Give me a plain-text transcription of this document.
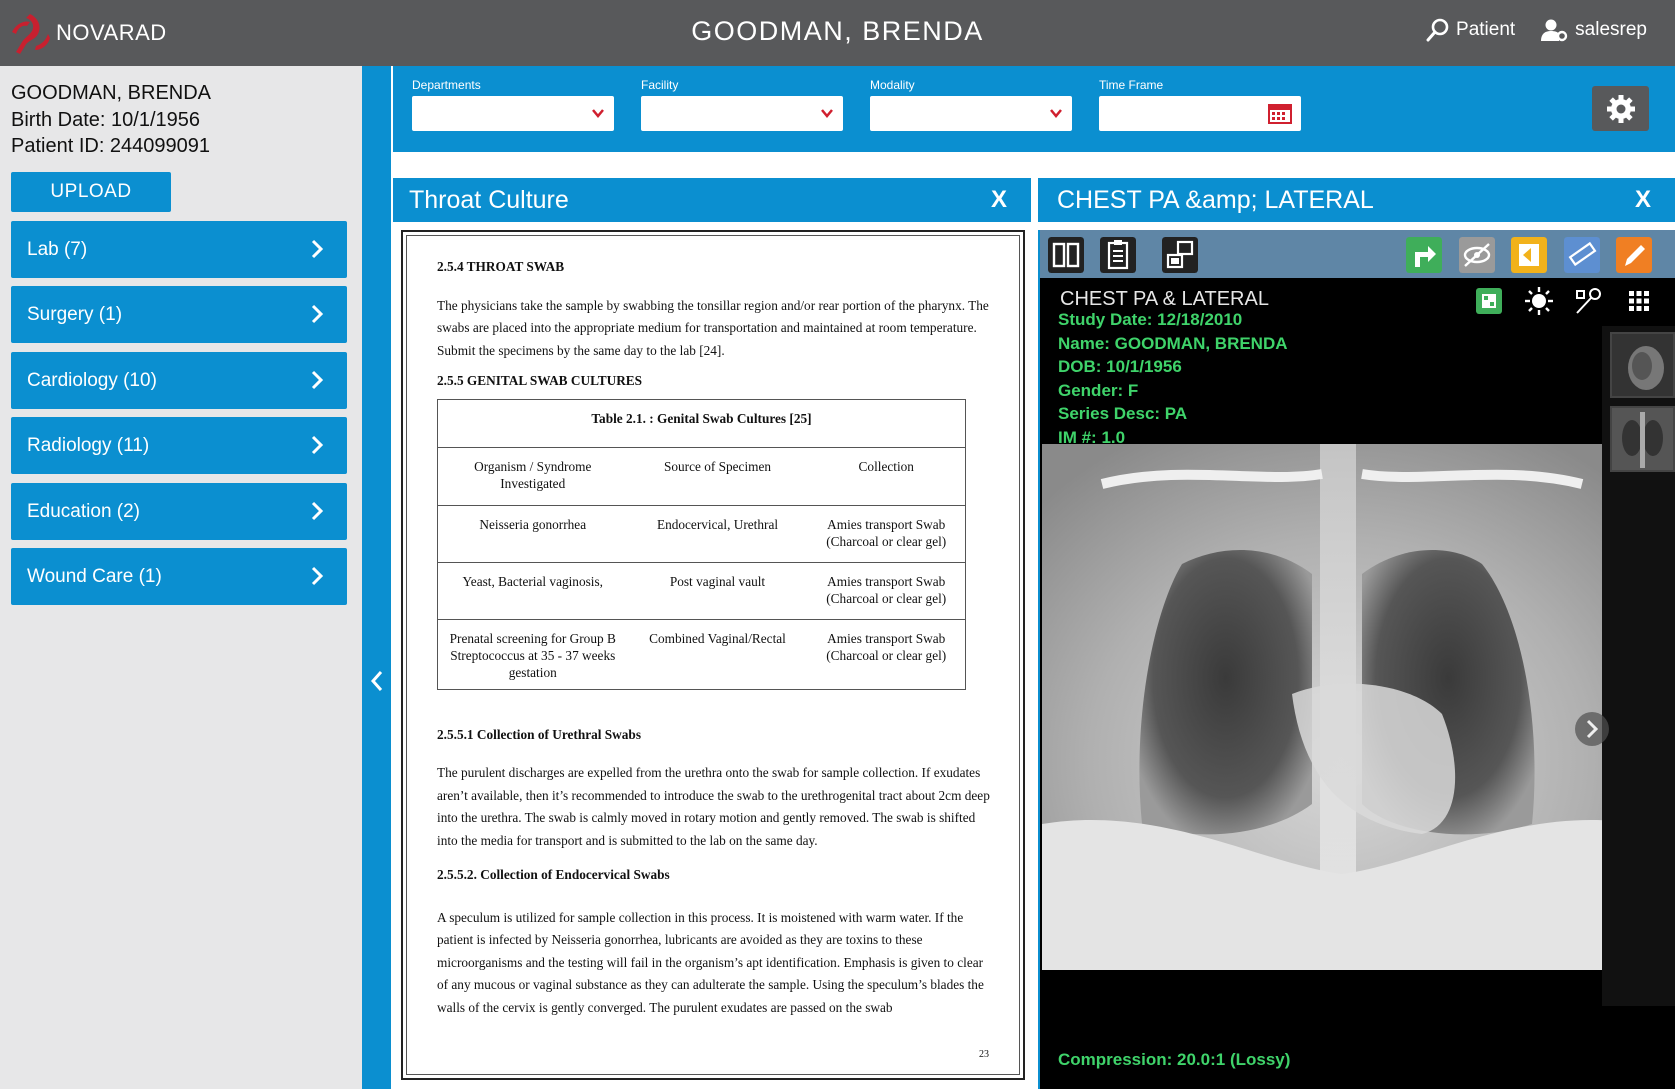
NOVARAD	GOODMAN, BRENDA	Patient	salesrep
GOODMAN, BRENDA
Birth Date: 10/1/1956
Patient ID: 244099091
UPLOAD
Lab (7)
Surgery (1)
Cardiology (10)
Radiology (11)
Education (2)
Wound Care (1)
Departments	Facility	Modality	Time Frame
Throat Culture	X
2.5.4 THROAT SWAB

The physicians take the sample by swabbing the tonsillar region and/or rear portion of the pharynx. The swabs are placed into the appropriate medium for transportation and maintained at room temperature. Submit the specimens by the same day to the lab [24].

2.5.5 GENITAL SWAB CULTURES
Table 2.1. : Genital Swab Cultures [25]		
Organism / Syndrome Investigated	Source of Specimen	Collection
Neisseria gonorrhea	Endocervical, Urethral	Amies transport Swab (Charcoal or clear gel)
Yeast, Bacterial vaginosis,	Post vaginal vault	Amies transport Swab (Charcoal or clear gel)
Prenatal screening for Group B Streptococcus at 35 - 37 weeks gestation	Combined Vaginal/Rectal	Amies transport Swab (Charcoal or clear gel)
2.5.5.1 Collection of Urethral Swabs

The purulent discharges are expelled from the urethra onto the swab for sample collection. If exudates aren’t available, then it’s recommended to introduce the swab to the urethrogenital tract about 2cm deep into the urethra. The swab is calmly moved in rotary motion and gently removed. The swab is shifted into the media for transport and is submitted to the lab on the same day.

2.5.5.2. Collection of Endocervical Swabs

A speculum is utilized for sample collection in this process. It is moistened with warm water. If the patient is infected by Neisseria gonorrhea, lubricants are avoided as they are toxins to these microorganisms and the testing will fail in the organism’s apt identification. Emphasis is given to clear of any mucous or vaginal substance as they can adulterate the sample. Using the speculum’s blades the walls of the cervix is gently converged. The purulent exudates are passed on the swab

23
CHEST PA &amp; LATERAL	X
CHEST PA & LATERAL
Study Date: 12/18/2010
Name: GOODMAN, BRENDA
DOB: 10/1/1956
Gender: F
Series Desc: PA
IM #: 1.0
Compression: 20.0:1 (Lossy)
